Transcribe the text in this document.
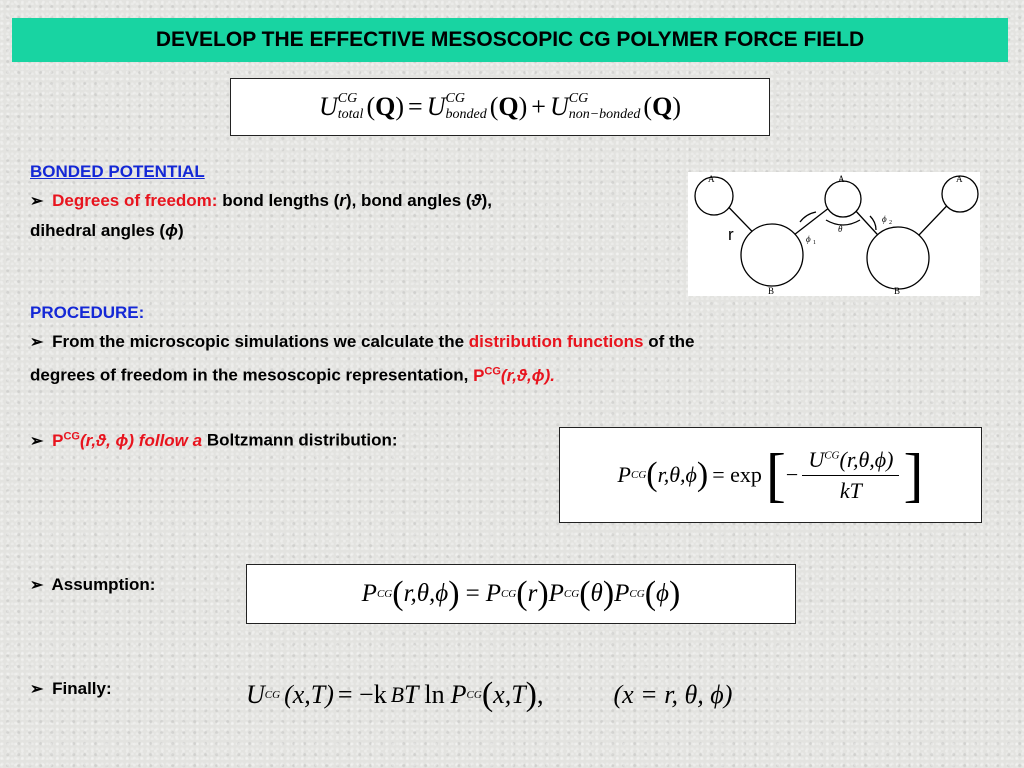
DEVELOP THE EFFECTIVE MESOSCOPIC CG POLYMER FORCE FIELD
U CG
total ( Q ) = U CG
bonded ( Q ) + U CG
non−bonded ( Q )
BONDED POTENTIAL
➢ Degrees of freedom: bond lengths (r), bond angles (ϑ),
dihedral angles (ϕ)
A	A	A
B	B
θ
ϕ 1
ϕ 2
r
PROCEDURE:
➢ From the microscopic simulations we calculate the distribution functions of the
degrees of freedom in the mesoscopic representation, $P^{CG}(r,ϑ,\phi)$.
➢ $P^{CG}(r,ϑ$, ϕ) follow a Boltzmann distribution:
P CG ( r,θ,ϕ ) = exp [ − $\frac{U^{CG}(r,\theta,\phi)}{kT}$ ]
➢ Assumption:	P CG ( r,θ,ϕ ) = P CG ( r ) P CG ( θ ) P CG ( ϕ )
➢ Finally:	U CG (x,T) = −k B T ln P CG ( x,T ) ,	(x = r, θ, ϕ)
